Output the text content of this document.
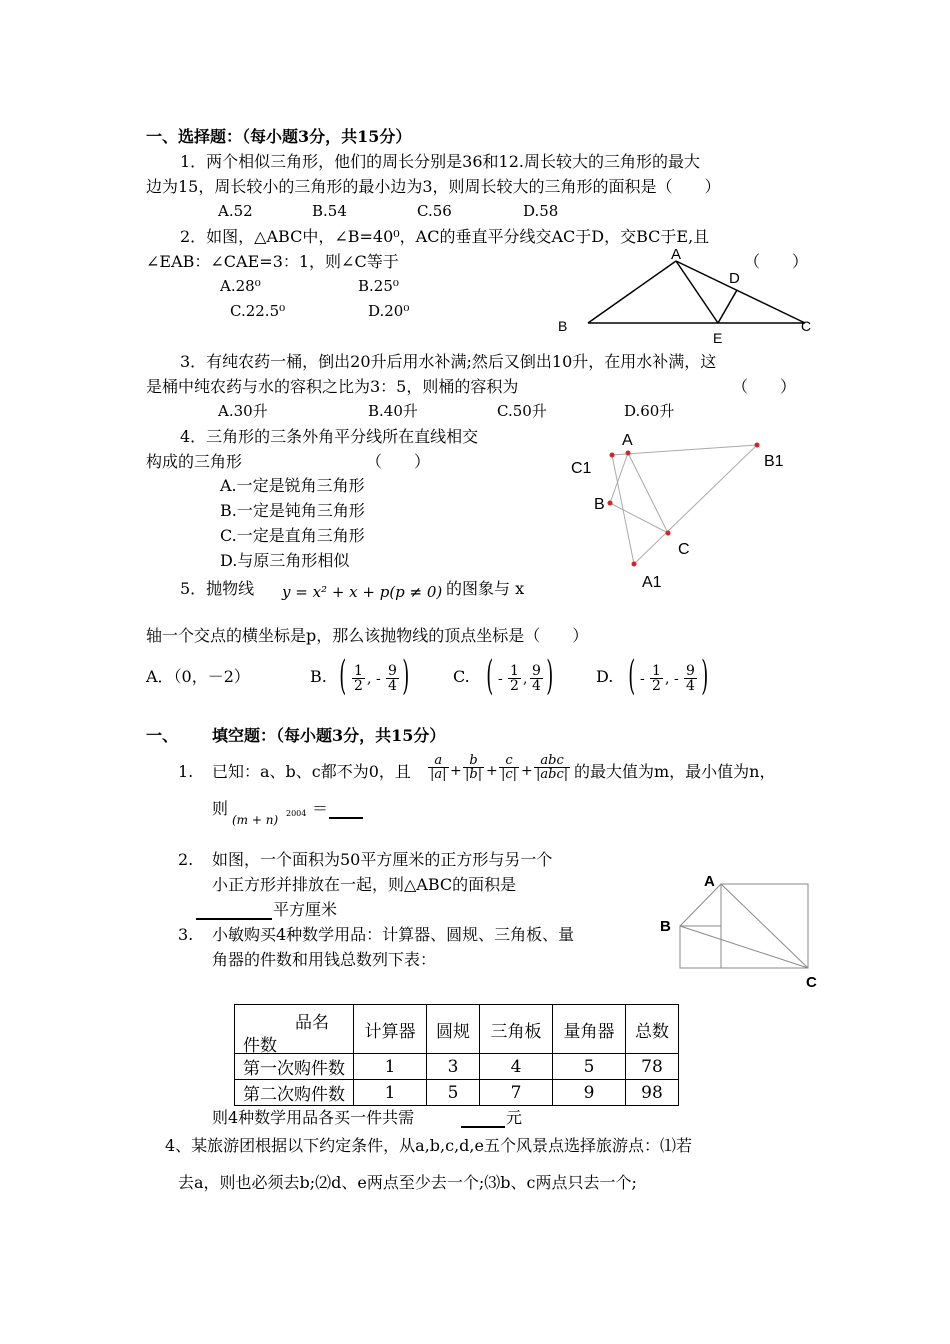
一、选择题：（每小题3分，共15分）
1．两个相似三角形，他们的周长分别是36和12.周长较大的三角形的最大
边为15，周长较小的三角形的最小边为3，则周长较大的三角形的面积是（　　）
A.52	B.54	C.56	D.58
2．如图，△ABC中，∠B=40⁰，AC的垂直平分线交AC于D，交BC于E,且
∠EAB：∠CAE=3：1，则∠C等于	（　　）
A.28⁰	B.25⁰
C.22.5⁰	D.20⁰
A
D
B
E
C
3．有纯农药一桶，倒出20升后用水补满;然后又倒出10升，在用水补满，这
是桶中纯农药与水的容积之比为3：5，则桶的容积为	（　　）
A.30升	B.40升	C.50升	D.60升
4．三角形的三条外角平分线所在直线相交
构成的三角形	（　　）
A.一定是锐角三角形
B.一定是钝角三角形
C.一定是直角三角形
D.与原三角形相似
A
C1	B1
B
C
A1
5．抛物线 y = x² + x + p(p ≠ 0) 的图象与 x
轴一个交点的横坐标是p，那么该抛物线的顶点坐标是（　　）
A．（0，－2）	B. ( $\frac{1}{2}$ , - $\frac{9}{4}$ )	C. ( - $\frac{1}{2}$ , $\frac{9}{4}$ )	D. ( - $\frac{1}{2}$ , - $\frac{9}{4}$ )
一、 填空题：（每小题3分，共15分）
1. 已知：a、b、c都不为0，且 $\frac{a}{|a|} + \frac{b}{|b|} + \frac{c}{|c|}$ +
abc
|abc| 的最大值为m，最小值为n，
则
(m + n) 2004 ＝
2. 如图，一个面积为50平方厘米的正方形与另一个
小正方形并排放在一起，则△ABC的面积是
平方厘米
A
B
C
3. 小敏购买4种数学用品：计算器、圆规、三角板、量
角器的件数和用钱总数列下表：
品名
件数	计算器	圆规	三角板	量角器	总数
第一次购件数	1	3	4	5	78
第二次购件数	1	5	7	9	98
则4种数学用品各买一件共需	元
4、某旅游团根据以下约定条件，从a,b,c,d,e五个风景点选择旅游点：⑴若
去a，则也必须去b;⑵d、e两点至少去一个;⑶b、c两点只去一个;
